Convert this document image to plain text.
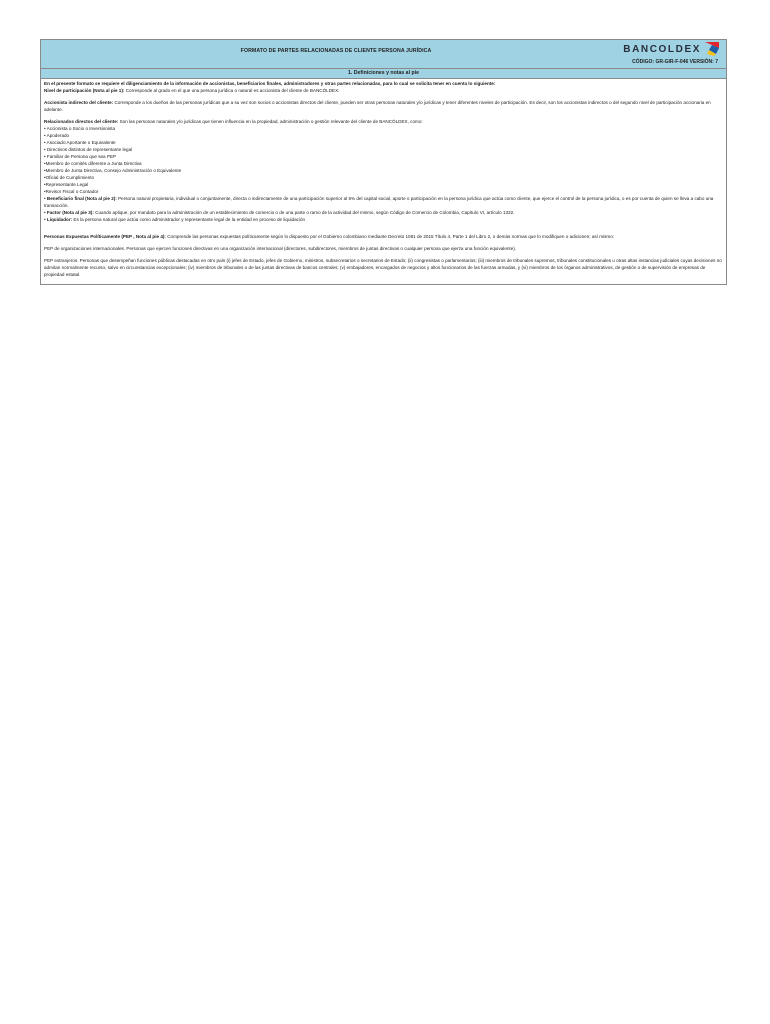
FORMATO DE PARTES RELACIONADAS DE CLIENTE PERSONA JURÍDICA	BANCOLDEX
CÓDIGO: GR-GIR-F-046 VERSIÓN: 7
1. Definiciones y notas al pie

En el presente formato se requiere el diligenciamiento de la información de accionistas, beneficiarios finales, administradores y otras partes relacionadas, para lo cual se solicita tener en cuenta lo siguiente:

Nivel de participación (Nota al pie 1): Corresponde al grado en el que una persona jurídica o natural es accionista del cliente de BANCÓLDEX.

Accionista indirecto del cliente: Corresponde a los dueños de las personas jurídicas que a su vez son socios o accionistas directos del cliente, pueden ser otras personas naturales y/o jurídicas y tener diferentes niveles de participación. Es decir, son los accionistas indirectos o del segundo nivel de participación accionaria en adelante.

Relacionados directos del cliente: Son las personas naturales y/o jurídicas que tienen influencia en la propiedad, administración o gestión relevante del cliente de BANCÓLDEX, como:

• Accionista o Socio o Inversionista

• Apoderado

• Asociado Aportante o Equivalente

• Directivos distintos de representante legal

• Familiar de Persona que sea PEP

•Miembro de comités diferente a Junta Directiva

•Miembro de Junta Directiva, Consejo Administración o Equivalente

•Oficial de Cumplimiento

•Representante Legal

•Revisor Fiscal o Contador

• Beneficiario final (Nota al pie 2): Persona natural propietaria, individual o conjuntamente, directa o indirectamente de una participación superior al 5% del capital social, aporte o participación en la persona jurídica que actúa como cliente, que ejerce el control de la persona jurídica, o es por cuenta de quien se lleva a cabo una transacción.

• Factor (Nota al pie 3): Cuando aplique, por mandato para la administración de un establecimiento de comercio o de una parte o ramo de la actividad del mismo, según Código de Comercio de Colombia, Capítulo VI, artículo 1332.

• Liquidador: Es la persona natural que actúa como administrador y representante legal de la entidad en proceso de liquidación

Personas Expuestas Políticamente (PEP , Nota al pie 4): Comprende las personas expuestas políticamente según lo dispuesto por el Gobierno colombiano mediante Decreto 1081 de 2015 Título 4, Parte 1 del Libro 2, o demás normas que lo modifiquen o adicionen; así mismo:

PEP de organizaciones internacionales. Personas que ejercen funciones directivas en una organización internacional (directores, subdirectores, miembros de juntas directivas o cualquier persona que ejerza una función equivalente).

PEP extranjeros. Personas que desempeñan funciones públicas destacadas en otro país (i) jefes de Estado, jefes de Gobierno, ministros, subsecretarios o secretarios de Estado; (ii) congresistas o parlamentarios; (iii) miembros de tribunales supremos, tribunales constitucionales u otras altas instancias judiciales cuyas decisiones no admitan normalmente recurso, salvo en circunstancias excepcionales; (iv) miembros de tribunales o de las juntas directivas de bancos centrales; (v) embajadores, encargados de negocios y altos funcionarios de las fuerzas armadas, y (vi) miembros de los órganos administrativos, de gestión o de supervisión de empresas de propiedad estatal.
